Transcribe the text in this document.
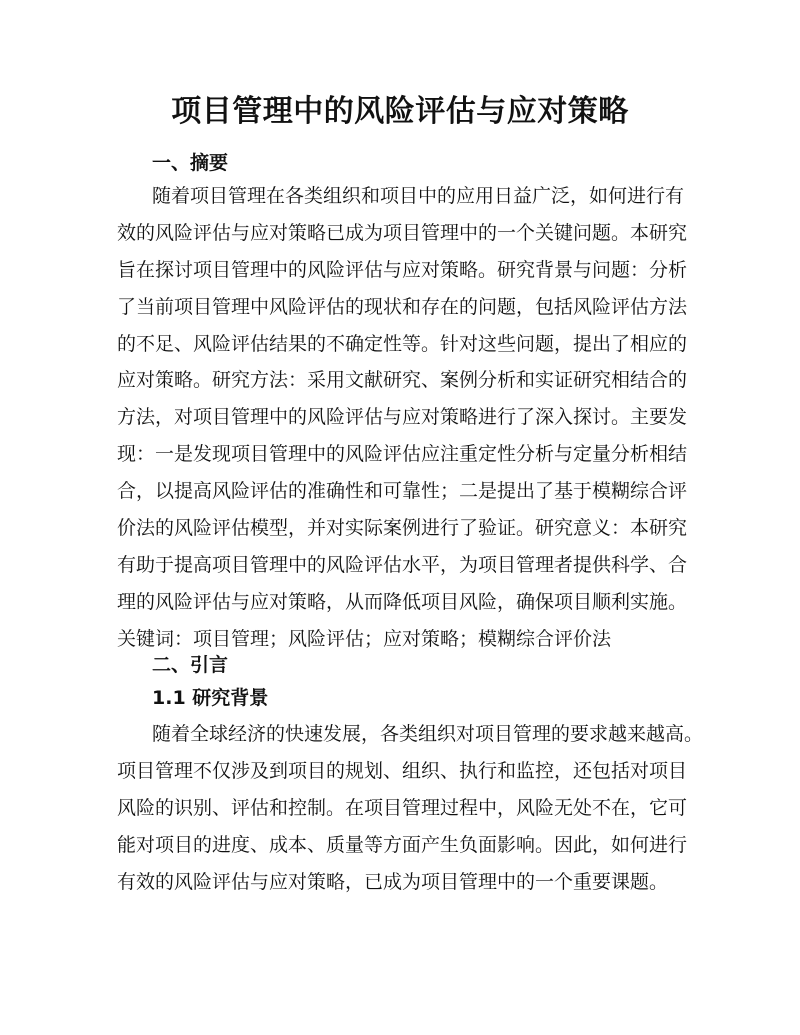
项目管理中的风险评估与应对策略
一、摘要
随着项目管理在各类组织和项目中的应用日益广泛，如何进行有
效的风险评估与应对策略已成为项目管理中的一个关键问题。本研究
旨在探讨项目管理中的风险评估与应对策略。研究背景与问题：分析
了当前项目管理中风险评估的现状和存在的问题，包括风险评估方法
的不足、风险评估结果的不确定性等。针对这些问题，提出了相应的
应对策略。研究方法：采用文献研究、案例分析和实证研究相结合的
方法，对项目管理中的风险评估与应对策略进行了深入探讨。主要发
现：一是发现项目管理中的风险评估应注重定性分析与定量分析相结
合，以提高风险评估的准确性和可靠性；二是提出了基于模糊综合评
价法的风险评估模型，并对实际案例进行了验证。研究意义：本研究
有助于提高项目管理中的风险评估水平，为项目管理者提供科学、合
理的风险评估与应对策略，从而降低项目风险，确保项目顺利实施。
关键词：项目管理；风险评估；应对策略；模糊综合评价法
二、引言
1.1 研究背景
随着全球经济的快速发展，各类组织对项目管理的要求越来越高。
项目管理不仅涉及到项目的规划、组织、执行和监控，还包括对项目
风险的识别、评估和控制。在项目管理过程中，风险无处不在，它可
能对项目的进度、成本、质量等方面产生负面影响。因此，如何进行
有效的风险评估与应对策略，已成为项目管理中的一个重要课题。
